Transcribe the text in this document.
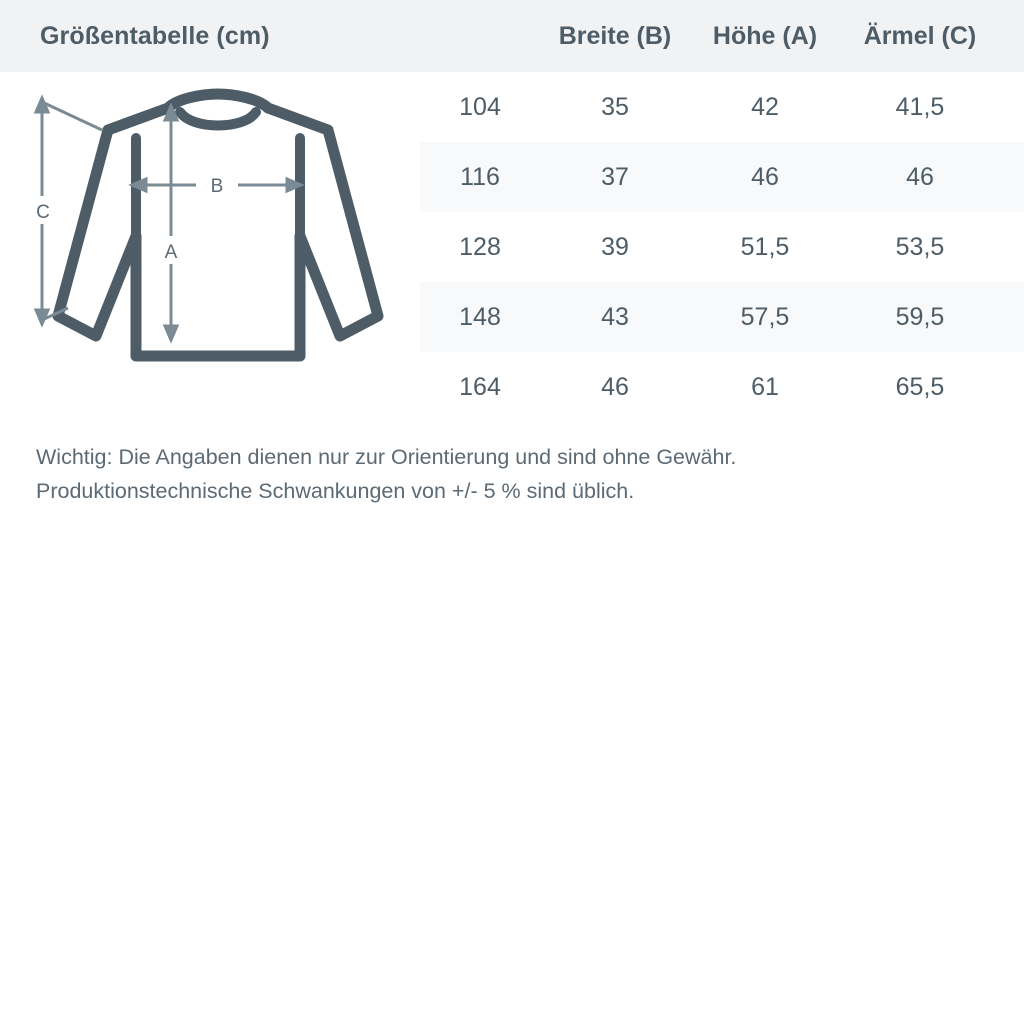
Größentabelle (cm)	Breite (B)	Höhe (A)	Ärmel (C)
B
A
C
104	35	42	41,5
116	37	46	46
128	39	51,5	53,5
148	43	57,5	59,5
164	46	61	65,5
Wichtig: Die Angaben dienen nur zur Orientierung und sind ohne Gewähr.
Produktionstechnische Schwankungen von +/- 5 % sind üblich.
